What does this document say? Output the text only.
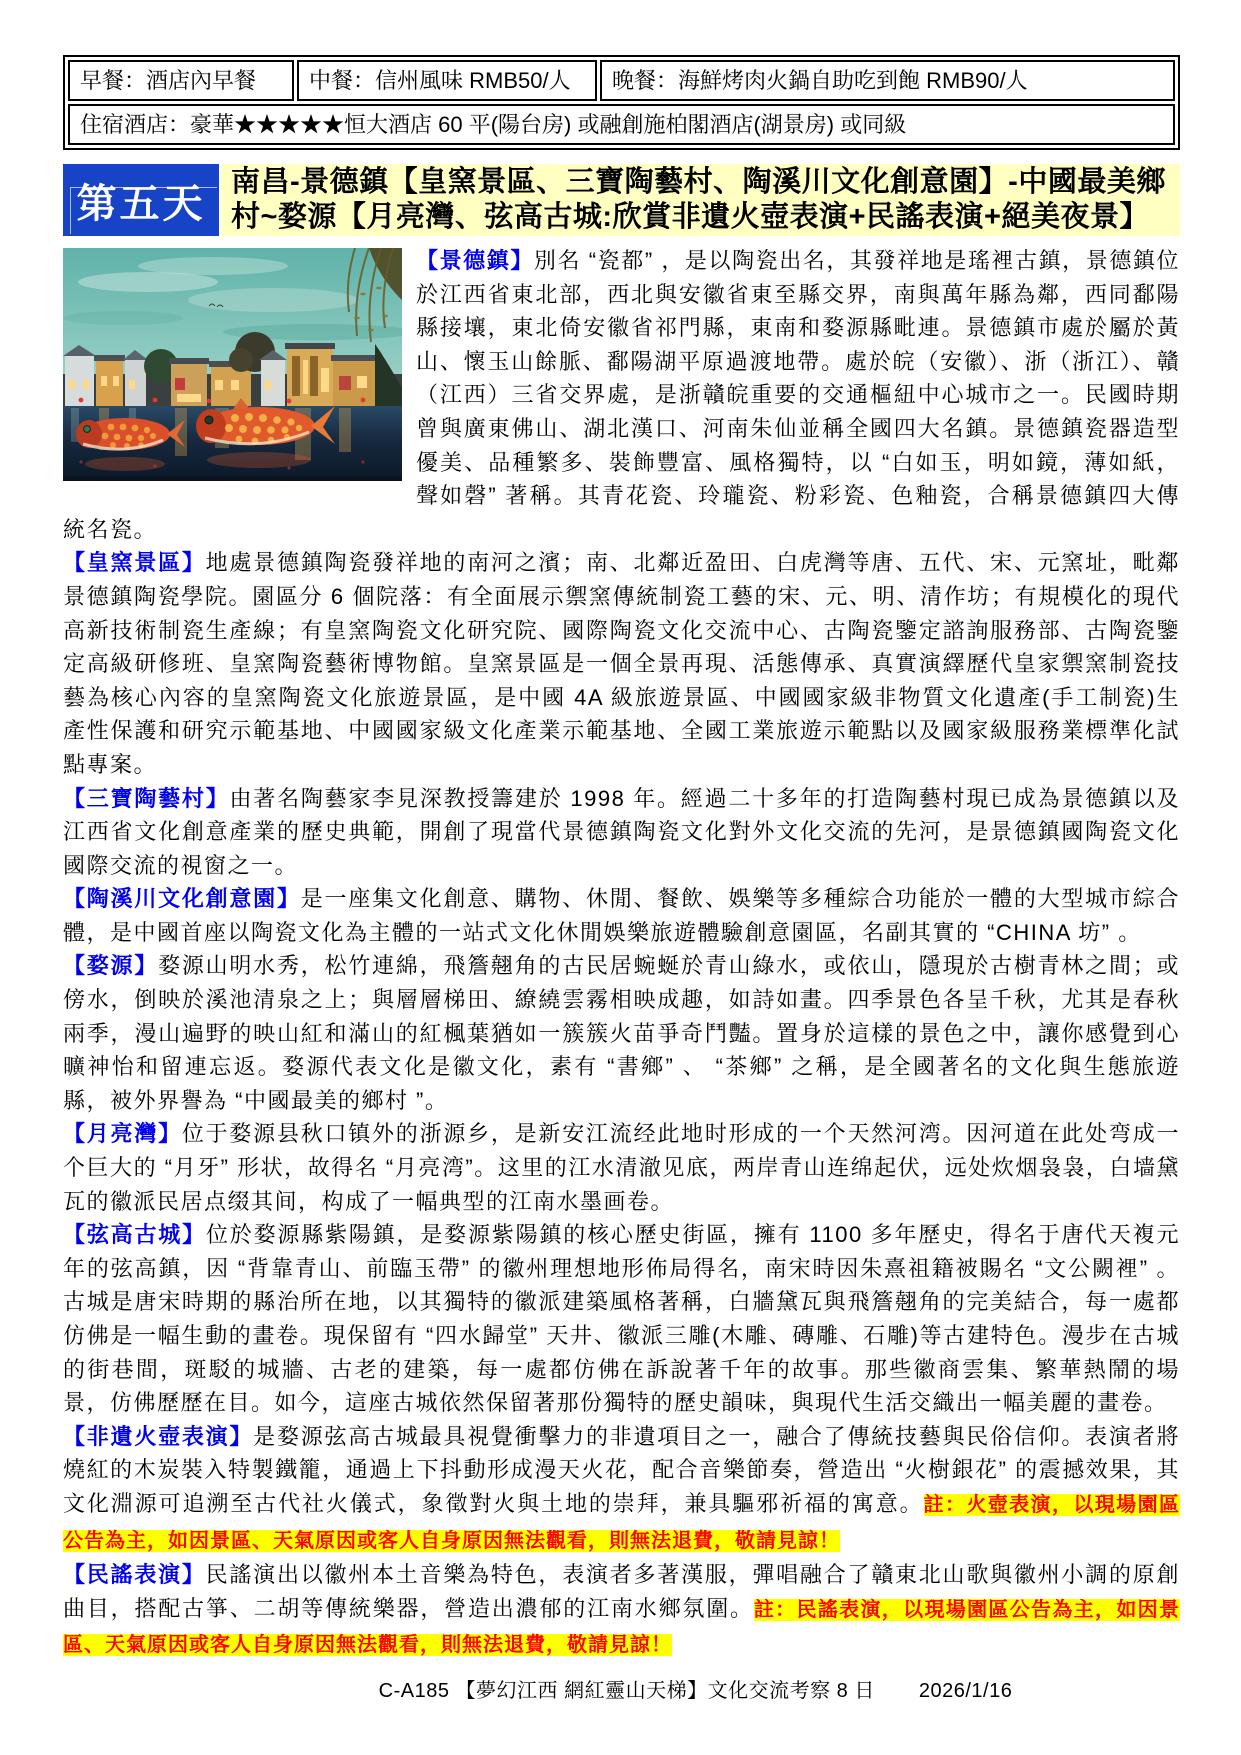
早餐：酒店內早餐	中餐：信州風味 RMB50/人	晚餐：海鮮烤肉火鍋自助吃到飽 RMB90/人
住宿酒店：豪華★★★★★恒大酒店 60 平(陽台房) 或融創施柏閣酒店(湖景房) 或同級
第五天 南昌-景德鎮【皇窯景區、三寶陶藝村、陶溪川文化創意園】-中國最美鄉村~婺源【月亮灣、弦高古城:欣賞非遺火壺表演+民謠表演+絕美夜景】

【景德鎮】別名 “瓷都” ，是以陶瓷出名，其發祥地是瑤裡古鎮，景德鎮位於江西省東北部，西北與安徽省東至縣交界，南與萬年縣為鄰，西同鄱陽縣接壤，東北倚安徽省祁門縣，東南和婺源縣毗連。景德鎮市處於屬於黃山、懷玉山餘脈、鄱陽湖平原過渡地帶。處於皖（安徽）、浙（浙江）、贛（江西）三省交界處，是浙贛皖重要的交通樞紐中心城市之一。民國時期曾與廣東佛山、湖北漢口、河南朱仙並稱全國四大名鎮。景德鎮瓷器造型優美、品種繁多、裝飾豐富、風格獨特，以 “白如玉，明如鏡，薄如紙，聲如磬” 著稱。其青花瓷、玲瓏瓷、粉彩瓷、色釉瓷，合稱景德鎮四大傳統名瓷。

【皇窯景區】地處景德鎮陶瓷發祥地的南河之濱；南、北鄰近盈田、白虎灣等唐、五代、宋、元窯址，毗鄰景德鎮陶瓷學院。園區分 6 個院落：有全面展示禦窯傳統制瓷工藝的宋、元、明、清作坊；有規模化的現代高新技術制瓷生產線；有皇窯陶瓷文化研究院、國際陶瓷文化交流中心、古陶瓷鑒定諮詢服務部、古陶瓷鑒定高級研修班、皇窯陶瓷藝術博物館。皇窯景區是一個全景再現、活態傳承、真實演繹歷代皇家禦窯制瓷技藝為核心內容的皇窯陶瓷文化旅遊景區，是中國 4A 級旅遊景區、中國國家級非物質文化遺產(手工制瓷)生產性保護和研究示範基地、中國國家級文化產業示範基地、全國工業旅遊示範點以及國家級服務業標準化試點專案。

【三寶陶藝村】由著名陶藝家李見深教授籌建於 1998 年。經過二十多年的打造陶藝村現已成為景德鎮以及江西省文化創意產業的歷史典範，開創了現當代景德鎮陶瓷文化對外文化交流的先河，是景德鎮國陶瓷文化國際交流的視窗之一。

【陶溪川文化創意園】是一座集文化創意、購物、休閒、餐飲、娛樂等多種綜合功能於一體的大型城市綜合體，是中國首座以陶瓷文化為主體的一站式文化休閒娛樂旅遊體驗創意園區，名副其實的 “CHINA 坊” 。

【婺源】婺源山明水秀，松竹連綿，飛簷翹角的古民居蜿蜒於青山綠水，或依山，隱現於古樹青林之間；或傍水，倒映於溪池清泉之上；與層層梯田、繚繞雲霧相映成趣，如詩如畫。四季景色各呈千秋，尤其是春秋兩季，漫山遍野的映山紅和滿山的紅楓葉猶如一簇簇火苗爭奇鬥豔。置身於這樣的景色之中，讓你感覺到心曠神怡和留連忘返。婺源代表文化是徽文化，素有 “書鄉” 、 “茶鄉” 之稱，是全國著名的文化與生態旅遊縣，被外界譽為 “中國最美的鄉村 ”。

【月亮灣】位于婺源县秋口镇外的浙源乡，是新安江流经此地时形成的一个天然河湾。因河道在此处弯成一个巨大的 “月牙” 形状，故得名 “月亮湾”。这里的江水清澈见底，两岸青山连绵起伏，远处炊烟袅袅，白墙黛瓦的徽派民居点缀其间，构成了一幅典型的江南水墨画卷。

【弦高古城】位於婺源縣紫陽鎮，是婺源紫陽鎮的核心歷史街區，擁有 1100 多年歷史，得名于唐代天複元年的弦高鎮，因 “背靠青山、前臨玉帶” 的徽州理想地形佈局得名，南宋時因朱熹祖籍被賜名 “文公闕裡” 。古城是唐宋時期的縣治所在地，以其獨特的徽派建築風格著稱，白牆黛瓦與飛簷翹角的完美結合，每一處都仿佛是一幅生動的畫卷。現保留有 “四水歸堂” 天井、徽派三雕(木雕、磚雕、石雕)等古建特色。漫步在古城的街巷間，斑駁的城牆、古老的建築，每一處都仿佛在訴說著千年的故事。那些徽商雲集、繁華熱鬧的場景，仿佛歷歷在目。如今，這座古城依然保留著那份獨特的歷史韻味，與現代生活交織出一幅美麗的畫卷。

【非遺火壺表演】是婺源弦高古城最具視覺衝擊力的非遺項目之一，融合了傳統技藝與民俗信仰。表演者將燒紅的木炭裝入特製鐵籠，通過上下抖動形成漫天火花，配合音樂節奏，營造出 “火樹銀花” 的震撼效果，其文化淵源可追溯至古代社火儀式，象徵對火與土地的崇拜，兼具驅邪祈福的寓意。註：火壺表演，以現場園區公告為主，如因景區、天氣原因或客人自身原因無法觀看，則無法退費，敬請見諒！

【民謠表演】民謠演出以徽州本土音樂為特色，表演者多著漢服，彈唱融合了贛東北山歌與徽州小調的原創曲目，搭配古箏、二胡等傳統樂器，營造出濃郁的江南水鄉氛圍。註：民謠表演，以現場園區公告為主，如因景區、天氣原因或客人自身原因無法觀看，則無法退費，敬請見諒！

C-A185 【夢幻江西 網紅靈山天梯】文化交流考察 8 日 2026/1/16
